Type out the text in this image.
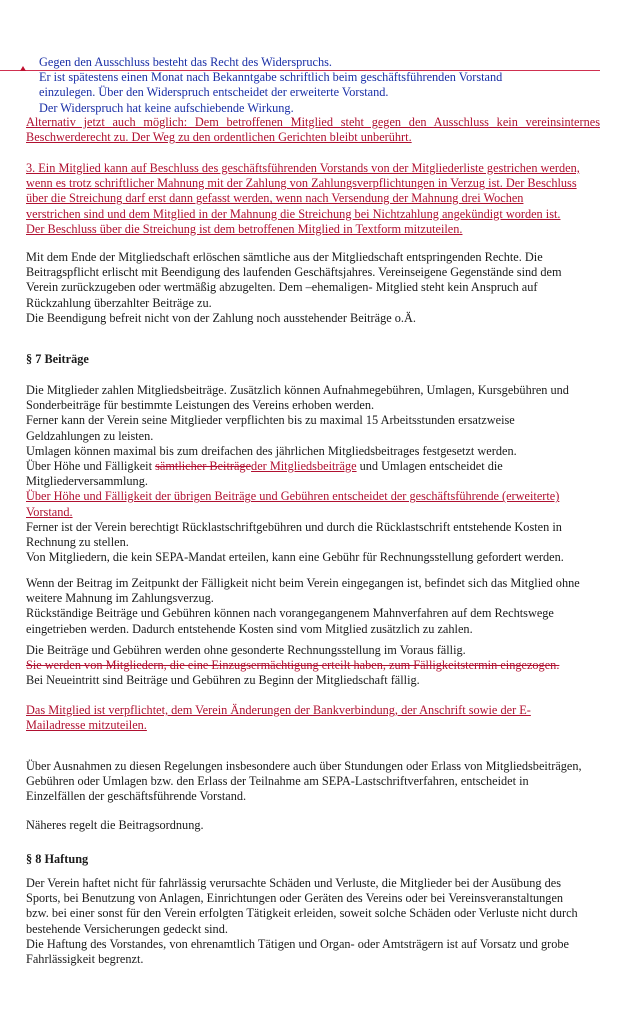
Gegen den Ausschluss besteht das Recht des Widerspruchs.

Er ist spätestens einen Monat nach Bekanntgabe schriftlich beim geschäftsführenden Vorstand

einzulegen. Über den Widerspruch entscheidet der erweiterte Vorstand.

Der Widerspruch hat keine aufschiebende Wirkung.

Alternativ jetzt auch möglich: Dem betroffenen Mitglied steht gegen den Ausschluss kein vereinsinternes

Beschwerderecht zu. Der Weg zu den ordentlichen Gerichten bleibt unberührt.

3. Ein Mitglied kann auf Beschluss des geschäftsführenden Vorstands von der Mitgliederliste gestrichen werden,

wenn es trotz schriftlicher Mahnung mit der Zahlung von Zahlungsverpflichtungen in Verzug ist. Der Beschluss

über die Streichung darf erst dann gefasst werden, wenn nach Versendung der Mahnung drei Wochen

verstrichen sind und dem Mitglied in der Mahnung die Streichung bei Nichtzahlung angekündigt worden ist.

Der Beschluss über die Streichung ist dem betroffenen Mitglied in Textform mitzuteilen.

Mit dem Ende der Mitgliedschaft erlöschen sämtliche aus der Mitgliedschaft entspringenden Rechte. Die

Beitragspflicht erlischt mit Beendigung des laufenden Geschäftsjahres. Vereinseigene Gegenstände sind dem

Verein zurückzugeben oder wertmäßig abzugelten. Dem –ehemaligen- Mitglied steht kein Anspruch auf

Rückzahlung überzahlter Beiträge zu.

Die Beendigung befreit nicht von der Zahlung noch ausstehender Beiträge o.Ä.

§ 7 Beiträge

Die Mitglieder zahlen Mitgliedsbeiträge. Zusätzlich können Aufnahmegebühren, Umlagen, Kursgebühren und

Sonderbeiträge für bestimmte Leistungen des Vereins erhoben werden.

Ferner kann der Verein seine Mitglieder verpflichten bis zu maximal 15 Arbeitsstunden ersatzweise

Geldzahlungen zu leisten.

Umlagen können maximal bis zum dreifachen des jährlichen Mitgliedsbeitrages festgesetzt werden.

Über Höhe und Fälligkeit sämtlicher Beiträgeder Mitgliedsbeiträge und Umlagen entscheidet die

Mitgliederversammlung.

Über Höhe und Fälligkeit der übrigen Beiträge und Gebühren entscheidet der geschäftsführende (erweiterte)

Vorstand.

Ferner ist der Verein berechtigt Rücklastschriftgebühren und durch die Rücklastschrift entstehende Kosten in

Rechnung zu stellen.

Von Mitgliedern, die kein SEPA-Mandat erteilen, kann eine Gebühr für Rechnungsstellung gefordert werden.

Wenn der Beitrag im Zeitpunkt der Fälligkeit nicht beim Verein eingegangen ist, befindet sich das Mitglied ohne

weitere Mahnung im Zahlungsverzug.

Rückständige Beiträge und Gebühren können nach vorangegangenem Mahnverfahren auf dem Rechtswege

eingetrieben werden. Dadurch entstehende Kosten sind vom Mitglied zusätzlich zu zahlen.

Die Beiträge und Gebühren werden ohne gesonderte Rechnungsstellung im Voraus fällig.

Sie werden von Mitgliedern, die eine Einzugsermächtigung erteilt haben, zum Fälligkeitstermin eingezogen.

Bei Neueintritt sind Beiträge und Gebühren zu Beginn der Mitgliedschaft fällig.

Das Mitglied ist verpflichtet, dem Verein Änderungen der Bankverbindung, der Anschrift sowie der E-

Mailadresse mitzuteilen.

Über Ausnahmen zu diesen Regelungen insbesondere auch über Stundungen oder Erlass von Mitgliedsbeiträgen,

Gebühren oder Umlagen bzw. den Erlass der Teilnahme am SEPA-Lastschriftverfahren, entscheidet in

Einzelfällen der geschäftsführende Vorstand.

Näheres regelt die Beitragsordnung.

§ 8 Haftung

Der Verein haftet nicht für fahrlässig verursachte Schäden und Verluste, die Mitglieder bei der Ausübung des

Sports, bei Benutzung von Anlagen, Einrichtungen oder Geräten des Vereins oder bei Vereinsveranstaltungen

bzw. bei einer sonst für den Verein erfolgten Tätigkeit erleiden, soweit solche Schäden oder Verluste nicht durch

bestehende Versicherungen gedeckt sind.

Die Haftung des Vorstandes, von ehrenamtlich Tätigen und Organ- oder Amtsträgern ist auf Vorsatz und grobe

Fahrlässigkeit begrenzt.
